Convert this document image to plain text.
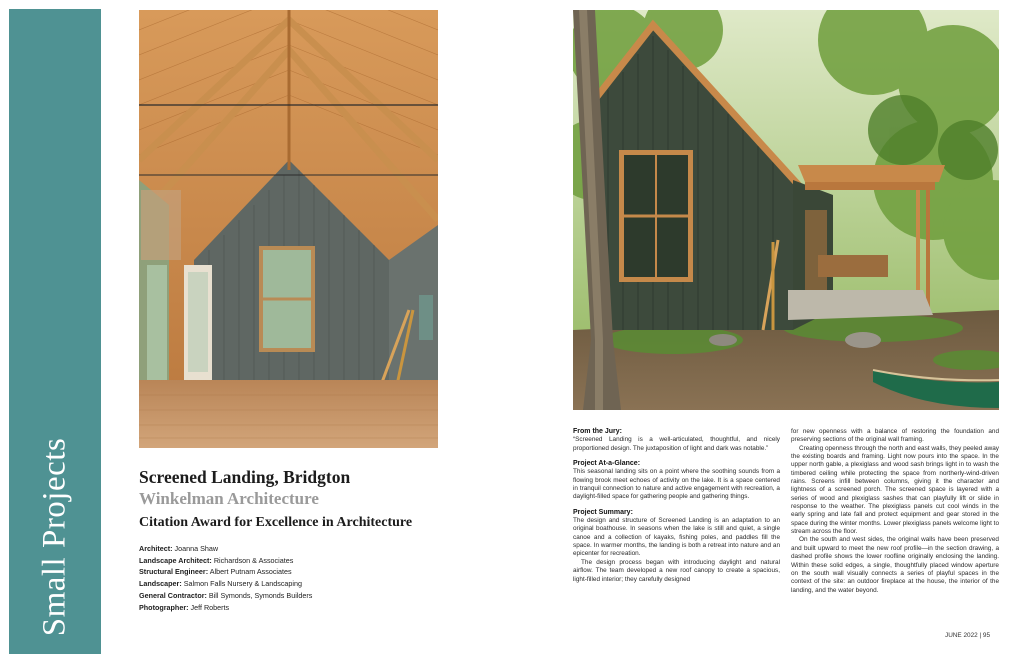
Small Projects	Screened Landing, Bridgton
Winkelman Architecture
Citation Award for Excellence in Architecture
Architect: Joanna Shaw
Landscape Architect: Richardson & Associates
Structural Engineer: Albert Putnam Associates
Landscaper: Salmon Falls Nursery & Landscaping
General Contractor: Bill Symonds, Symonds Builders
Photographer: Jeff Roberts
From the Jury:

“Screened Landing is a well-articulated, thoughtful, and nicely proportioned design. The juxtaposition of light and dark was notable.”

Project At-a-Glance:

This seasonal landing sits on a point where the soothing sounds from a flowing brook meet echoes of activity on the lake. It is a space centered in tranquil connection to nature and active engagement with recreation, a daylight-filled space for gathering people and gathering things.

Project Summary:

The design and structure of Screened Landing is an adaptation to an original boathouse. In seasons when the lake is still and quiet, a single canoe and a collection of kayaks, fishing poles, and paddles fill the space. In warmer months, the landing is both a retreat into nature and an epicenter for recreation.

The design process began with introducing daylight and natural airflow. The team developed a new roof canopy to create a spacious, light-filled interior; they carefully designed

for new openness with a balance of restoring the foundation and preserving sections of the original wall framing.

Creating openness through the north and east walls, they peeled away the existing boards and framing. Light now pours into the space. In the upper north gable, a plexiglass and wood sash brings light in to wash the timbered ceiling while protecting the space from northerly-wind-driven rains. Screens infill between columns, giving it the character and lightness of a screened porch. The screened space is layered with a series of wood and plexiglass sashes that can playfully lift or slide in response to the weather. The plexiglass panels cut cool winds in the early spring and late fall and protect equipment and gear stored in the space during the winter months. Lower plexiglass panels welcome light to stream across the floor.

On the south and west sides, the original walls have been preserved and built upward to meet the new roof profile—in the section drawing, a dashed profile shows the lower roofline originally enclosing the landing. Within these solid edges, a single, thoughtfully placed window aperture on the south wall visually connects a series of playful spaces in the context of the site: an outdoor fireplace at the house, the interior of the landing, and the water beyond.

JUNE 2022 | 95
